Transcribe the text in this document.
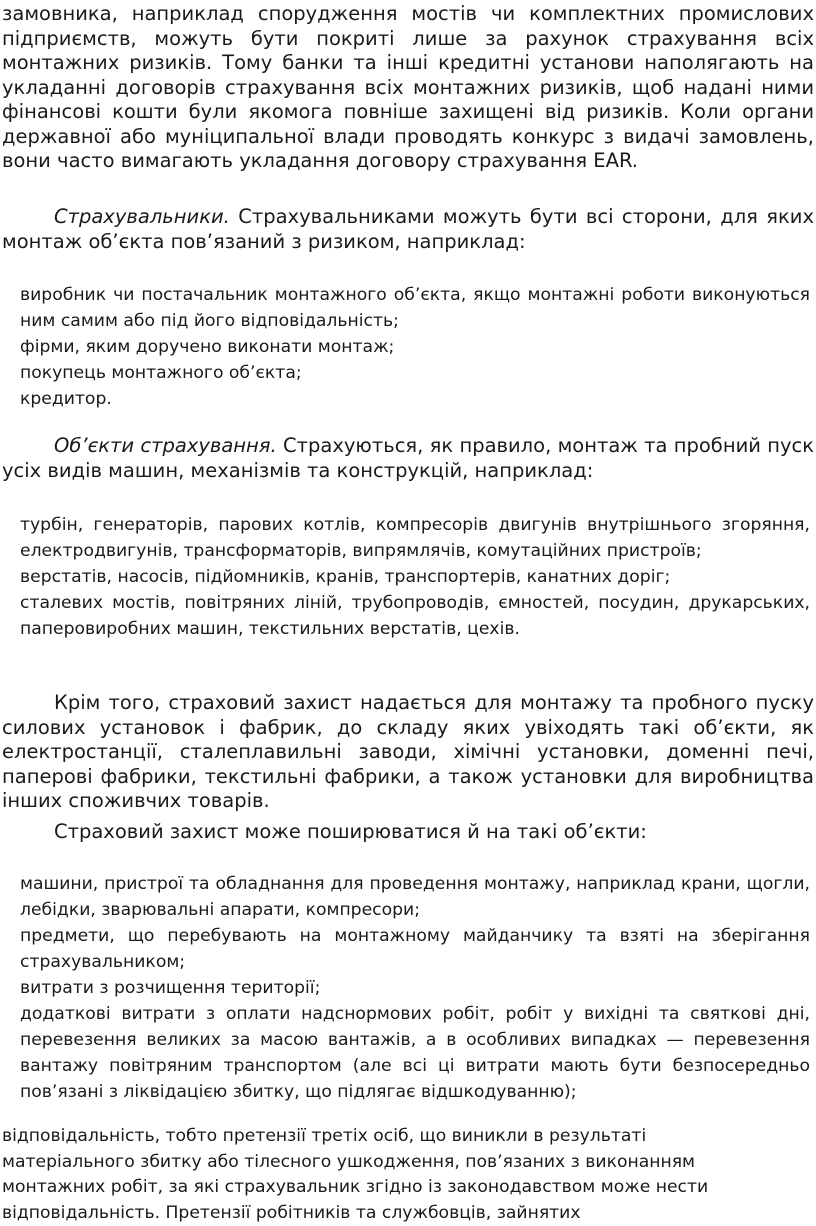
замовника, наприклад спорудження мостів чи комплектних промислових підприємств, можуть бути покриті лише за рахунок страхування всіх монтажних ризиків. Тому банки та інші кредитні установи наполягають на укладанні договорів страхування всіх монтажних ризиків, щоб надані ними фінансові кошти були якомога повніше захищені від ризиків. Коли органи державної або муніципальної влади проводять конкурс з видачі замовлень, вони часто вимагають укладання договору страхування EAR.

Страхувальники. Страхувальниками можуть бути всі сторони, для яких монтаж об’єкта пов’язаний з ризиком, наприклад:

виробник чи постачальник монтажного об’єкта, якщо монтажні роботи виконуються ним самим або під його відповідальність;

фірми, яким доручено виконати монтаж;

покупець монтажного об’єкта;

кредитор.

Об’єкти страхування. Страхуються, як правило, монтаж та пробний пуск усіх видів машин, механізмів та конструкцій, наприклад:

турбін, генераторів, парових котлів, компресорів двигунів внутрішнього згоряння, електродвигунів, трансформаторів, випрямлячів, комутаційних пристроїв;

верстатів, насосів, підйомників, кранів, транспортерів, канатних доріг;

сталевих мостів, повітряних ліній, трубопроводів, ємностей, посудин, друкарських, паперовиробних машин, текстильних верстатів, цехів.

Крім того, страховий захист надається для монтажу та пробного пуску силових установок і фабрик, до складу яких увіходять такі об’єкти, як електростанції, сталеплавильні заводи, хімічні установки, доменні печі, паперові фабрики, текстильні фабрики, а також установки для виробництва інших споживчих товарів.

Страховий захист може поширюватися й на такі об’єкти:

машини, пристрої та обладнання для проведення монтажу, наприклад крани, щогли, лебідки, зварювальні апарати, компресори;

предмети, що перебувають на монтажному майданчику та взяті на зберігання страхувальником;

витрати з розчищення території;

додаткові витрати з оплати надснормових робіт, робіт у вихідні та святкові дні, перевезення великих за масою вантажів, а в особливих випадках — перевезення вантажу повітряним транспортом (але всі ці витрати мають бути безпосередньо пов’язані з ліквідацією збитку, що підлягає відшкодуванню);

відповідальність, тобто претензії третіх осіб, що виникли в результаті
матеріального збитку або тілесного ушкодження, пов’язаних з виконанням
монтажних робіт, за які страхувальник згідно із законодавством може нести
відповідальність. Претензії робітників та службовців, зайнятих
